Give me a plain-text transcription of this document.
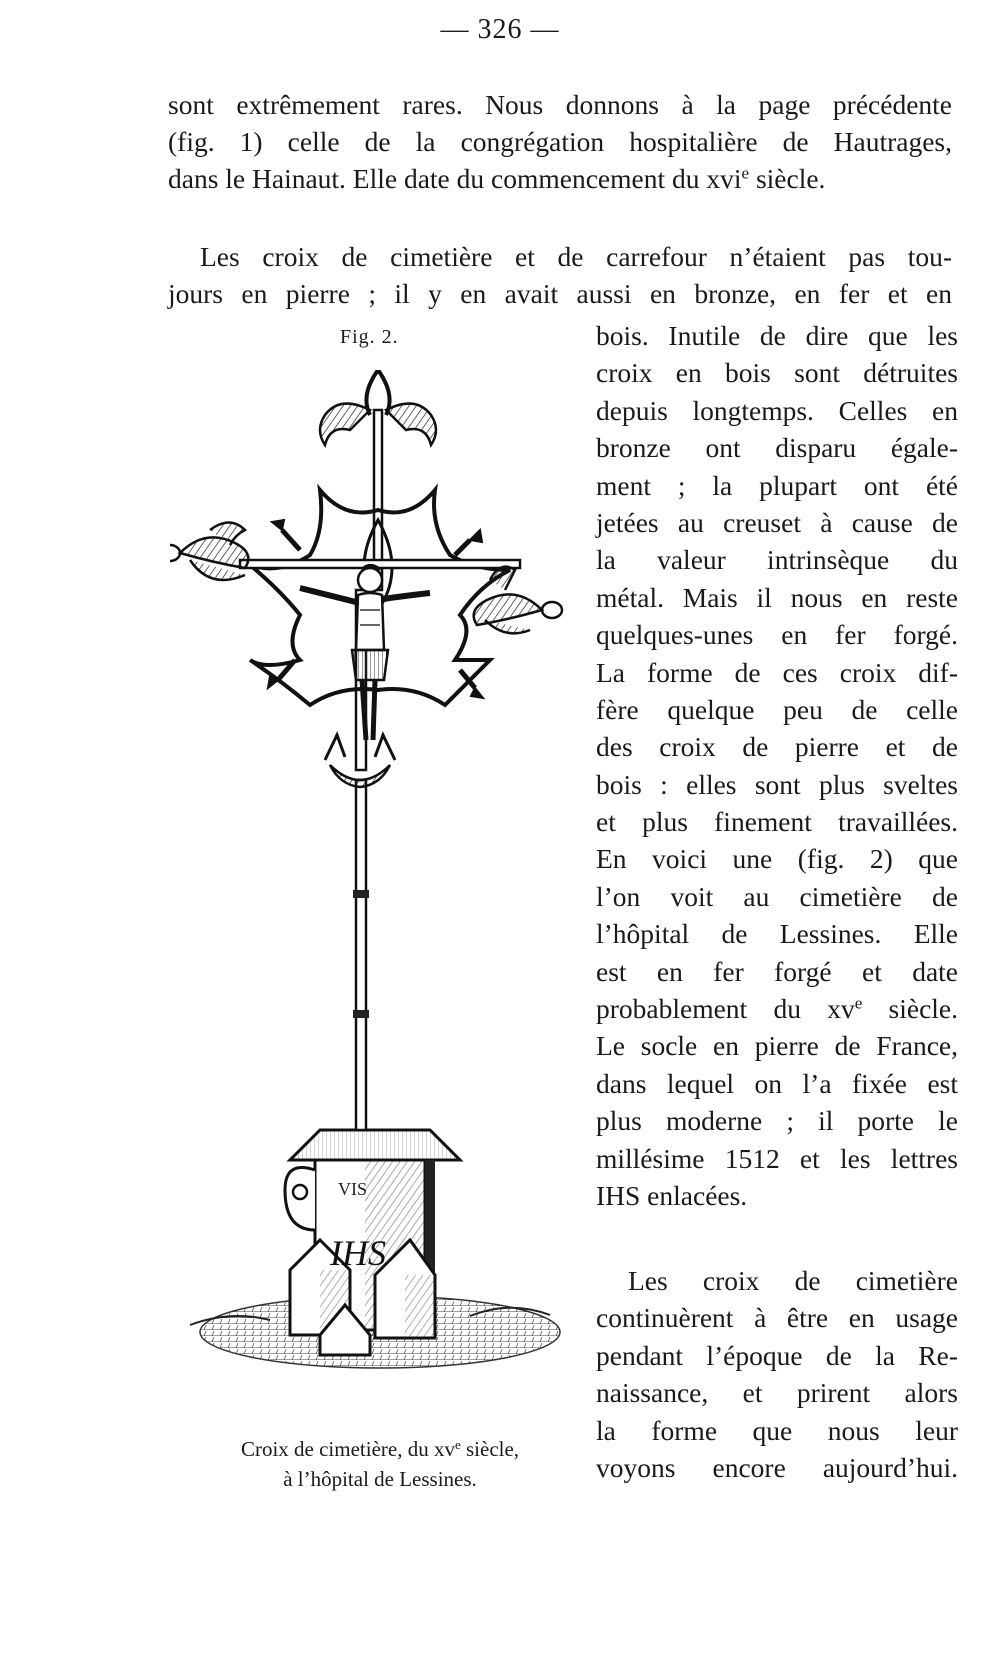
— 326 —

sont extrêmement rares. Nous donnons à la page précédente
(fig. 1) celle de la congrégation hospitalière de Hautrages,
dans le Hainaut. Elle date du commencement du xvi$^e$ siècle.

Les croix de cimetière et de carrefour n’étaient pas tou-
jours en pierre ; il y en avait aussi en bronze, en fer et en

Fig. 2.
VIS
IHS
Croix de cimetière, du $xv^e$ siècle,
à l’hôpital de Lessines.

bois. Inutile de dire que les
croix en bois sont détruites
depuis longtemps. Celles en
bronze ont disparu égale-
ment ; la plupart ont été
jetées au creuset à cause de
la valeur intrinsèque du
métal. Mais il nous en reste
quelques-unes en fer forgé.
La forme de ces croix dif-
fère quelque peu de celle
des croix de pierre et de
bois : elles sont plus sveltes
et plus finement travaillées.
En voici une (fig. 2) que
l’on voit au cimetière de
l’hôpital de Lessines. Elle
est en fer forgé et date
probablement du $xv^e$ siècle.
Le socle en pierre de France,
dans lequel on l’a fixée est
plus moderne ; il porte le
millésime 1512 et les lettres
IHS enlacées.

Les croix de cimetière
continuèrent à être en usage
pendant l’époque de la Re-
naissance, et prirent alors
la forme que nous leur
voyons encore aujourd’hui.
